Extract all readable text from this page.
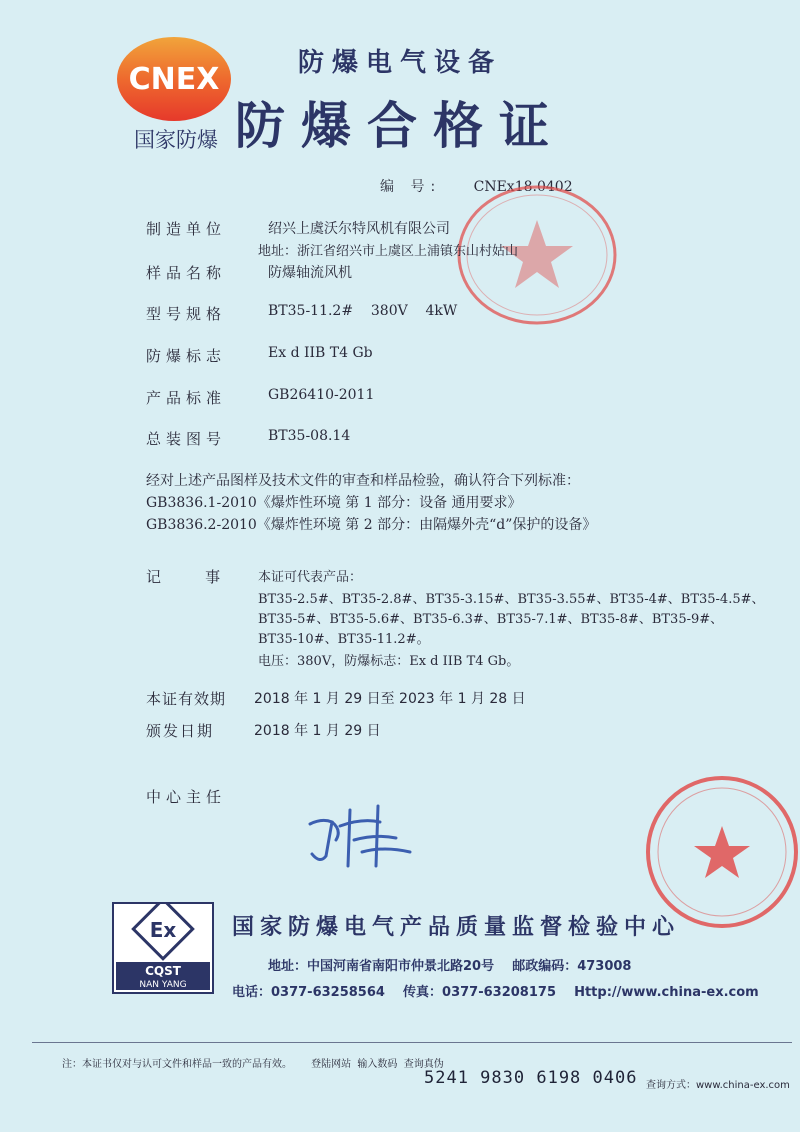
CNEX
国家防爆
防爆电气设备
防爆合格证
编 号: CNEx18.0402
制造单位	绍兴上虞沃尔特风机有限公司
地址：浙江省绍兴市上虞区上浦镇东山村姑山
样品名称	防爆轴流风机
型号规格	BT35-11.2#    380V    4kW
防爆标志	Ex d IIB T4 Gb
产品标准	GB26410-2011
总装图号	BT35-08.14
经对上述产品图样及技术文件的审查和样品检验，确认符合下列标准：
GB3836.1-2010《爆炸性环境 第 1 部分：设备 通用要求》
GB3836.2-2010《爆炸性环境 第 2 部分：由隔爆外壳“d”保护的设备》
记    事	本证可代表产品：
BT35-2.5#、BT35-2.8#、BT35-3.15#、BT35-3.55#、BT35-4#、BT35-4.5#、
BT35-5#、BT35-5.6#、BT35-6.3#、BT35-7.1#、BT35-8#、BT35-9#、
BT35-10#、BT35-11.2#。
电压：380V，防爆标志：Ex d IIB T4 Gb。
本证有效期 2018 年 1 月 29 日至 2023 年 1 月 28 日
颁发日期	2018 年 1 月 29 日
中心主任
Ex
CQST
NAN YANG
国家防爆电气产品质量监督检验中心
地址：中国河南省南阳市仲景北路20号    邮政编码：473008
电话：0377-63258564    传真：0377-63208175    Http://www.china-ex.com
注：本证书仅对与认可文件和样品一致的产品有效。      登陆网站  输入数码  查询真伪
5241 9830 6198 0406 查询方式：www.china-ex.com
